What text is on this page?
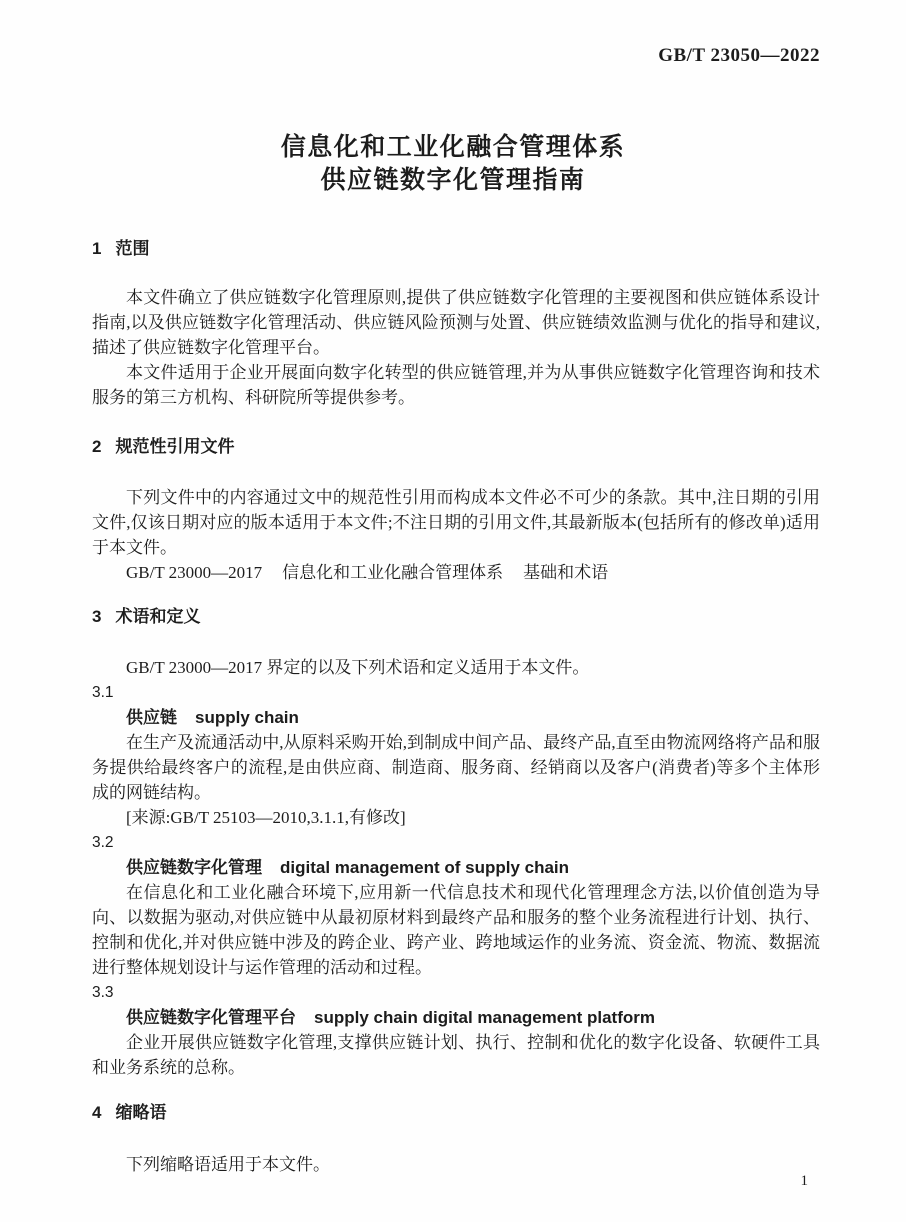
GB/T 23050—2022
信息化和工业化融合管理体系
供应链数字化管理指南
1 范围

本文件确立了供应链数字化管理原则,提供了供应链数字化管理的主要视图和供应链体系设计指南,以及供应链数字化管理活动、供应链风险预测与处置、供应链绩效监测与优化的指导和建议,描述了供应链数字化管理平台。

本文件适用于企业开展面向数字化转型的供应链管理,并为从事供应链数字化管理咨询和技术服务的第三方机构、科研院所等提供参考。

2 规范性引用文件

下列文件中的内容通过文中的规范性引用而构成本文件必不可少的条款。其中,注日期的引用文件,仅该日期对应的版本适用于本文件;不注日期的引用文件,其最新版本(包括所有的修改单)适用于本文件。

GB/T 23000—2017 信息化和工业化融合管理体系 基础和术语

3 术语和定义

GB/T 23000—2017 界定的以及下列术语和定义适用于本文件。

3.1

供应链 supply chain

在生产及流通活动中,从原料采购开始,到制成中间产品、最终产品,直至由物流网络将产品和服务提供给最终客户的流程,是由供应商、制造商、服务商、经销商以及客户(消费者)等多个主体形成的网链结构。

[来源:GB/T 25103—2010,3.1.1,有修改]

3.2

供应链数字化管理 digital management of supply chain

在信息化和工业化融合环境下,应用新一代信息技术和现代化管理理念方法,以价值创造为导向、以数据为驱动,对供应链中从最初原材料到最终产品和服务的整个业务流程进行计划、执行、控制和优化,并对供应链中涉及的跨企业、跨产业、跨地域运作的业务流、资金流、物流、数据流进行整体规划设计与运作管理的活动和过程。

3.3

供应链数字化管理平台 supply chain digital management platform

企业开展供应链数字化管理,支撑供应链计划、执行、控制和优化的数字化设备、软硬件工具和业务系统的总称。

4 缩略语

下列缩略语适用于本文件。

1
